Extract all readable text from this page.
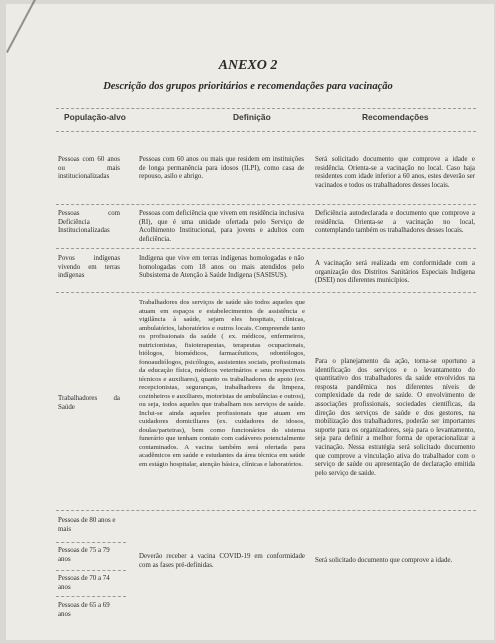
ANEXO 2
Descrição dos grupos prioritários e recomendações para vacinação
População-alvo	Definição	Recomendações
Pessoas com 60 anos ou mais institucionalizadas
Pessoas com 60 anos ou mais que residem em instituições de longa permanência para idosos (ILPI), como casa de repouso, asilo e abrigo.
Será solicitado documento que comprove a idade e residência. Orienta-se a vacinação no local. Caso haja residentes com idade inferior a 60 anos, estes deverão ser vacinados e todos os trabalhadores desses locais.
Pessoas com Deficiência Institucionalizadas
Pessoas com deficiência que vivem em residência inclusiva (RI), que é uma unidade ofertada pelo Serviço de Acolhimento Institucional, para jovens e adultos com deficiência.
Deficiência autodeclarada e documento que comprove a residência. Orienta-se a vacinação no local, contemplando também os trabalhadores desses locais.
Povos indígenas vivendo em terras indígenas
Indígena que vive em terras indígenas homologadas e não homologadas com 18 anos ou mais atendidos pelo Subsistema de Atenção à Saúde Indígena (SASISUS).
A vacinação será realizada em conformidade com a organização dos Distritos Sanitários Especiais Indígena (DSEI) nos diferentes municípios.
Trabalhadores da Saúde
Trabalhadores dos serviços de saúde são todos aqueles que atuam em espaços e estabelecimentos de assistência e vigilância à saúde, sejam eles hospitais, clínicas, ambulatórios, laboratórios e outros locais. Compreende tanto os profissionais da saúde ( ex. médicos, enfermeiros, nutricionistas, fisioterapeutas, terapeutas ocupacionais, biólogos, biomédicos, farmacêuticos, odontólogos, fonoaudiólogos, psicólogos, assistentes sociais, profissionais da educação física, médicos veterinários e seus respectivos técnicos e auxiliares), quanto os trabalhadores de apoio (ex. recepcionistas, seguranças, trabalhadores da limpeza, cozinheiros e auxiliares, motoristas de ambulâncias e outros), ou seja, todos aqueles que trabalham nos serviços de saúde. Inclui-se ainda aqueles profissionais que atuam em cuidadores domiciliares (ex. cuidadores de idosos, doulas/parteiras), bem como funcionários do sistema funerário que tenham contato com cadáveres potencialmente contaminados. A vacina também será ofertada para acadêmicos em saúde e estudantes da área técnica em saúde em estágio hospitalar, atenção básica, clínicas e laboratórios.
Para o planejamento da ação, torna-se oportuno a identificação dos serviços e o levantamento do quantitativo dos trabalhadores da saúde envolvidos na resposta pandêmica nos diferentes níveis de complexidade da rede de saúde. O envolvimento de associações profissionais, sociedades científicas, da direção dos serviços de saúde e dos gestores, na mobilização dos trabalhadores, poderão ser importantes suporte para os organizadores, seja para o levantamento, seja para definir a melhor forma de operacionalizar a vacinação. Nessa estratégia será solicitado documento que comprove a vinculação ativa do trabalhador com o serviço de saúde ou apresentação de declaração emitida pelo serviço de saúde.
Pessoas de 80 anos e mais
Pessoas de 75 a 79 anos
Pessoas de 70 a 74 anos
Pessoas de 65 a 69 anos
Deverão receber a vacina COVID-19 em conformidade com as fases pré-definidas.
Será solicitado documento que comprove a idade.
